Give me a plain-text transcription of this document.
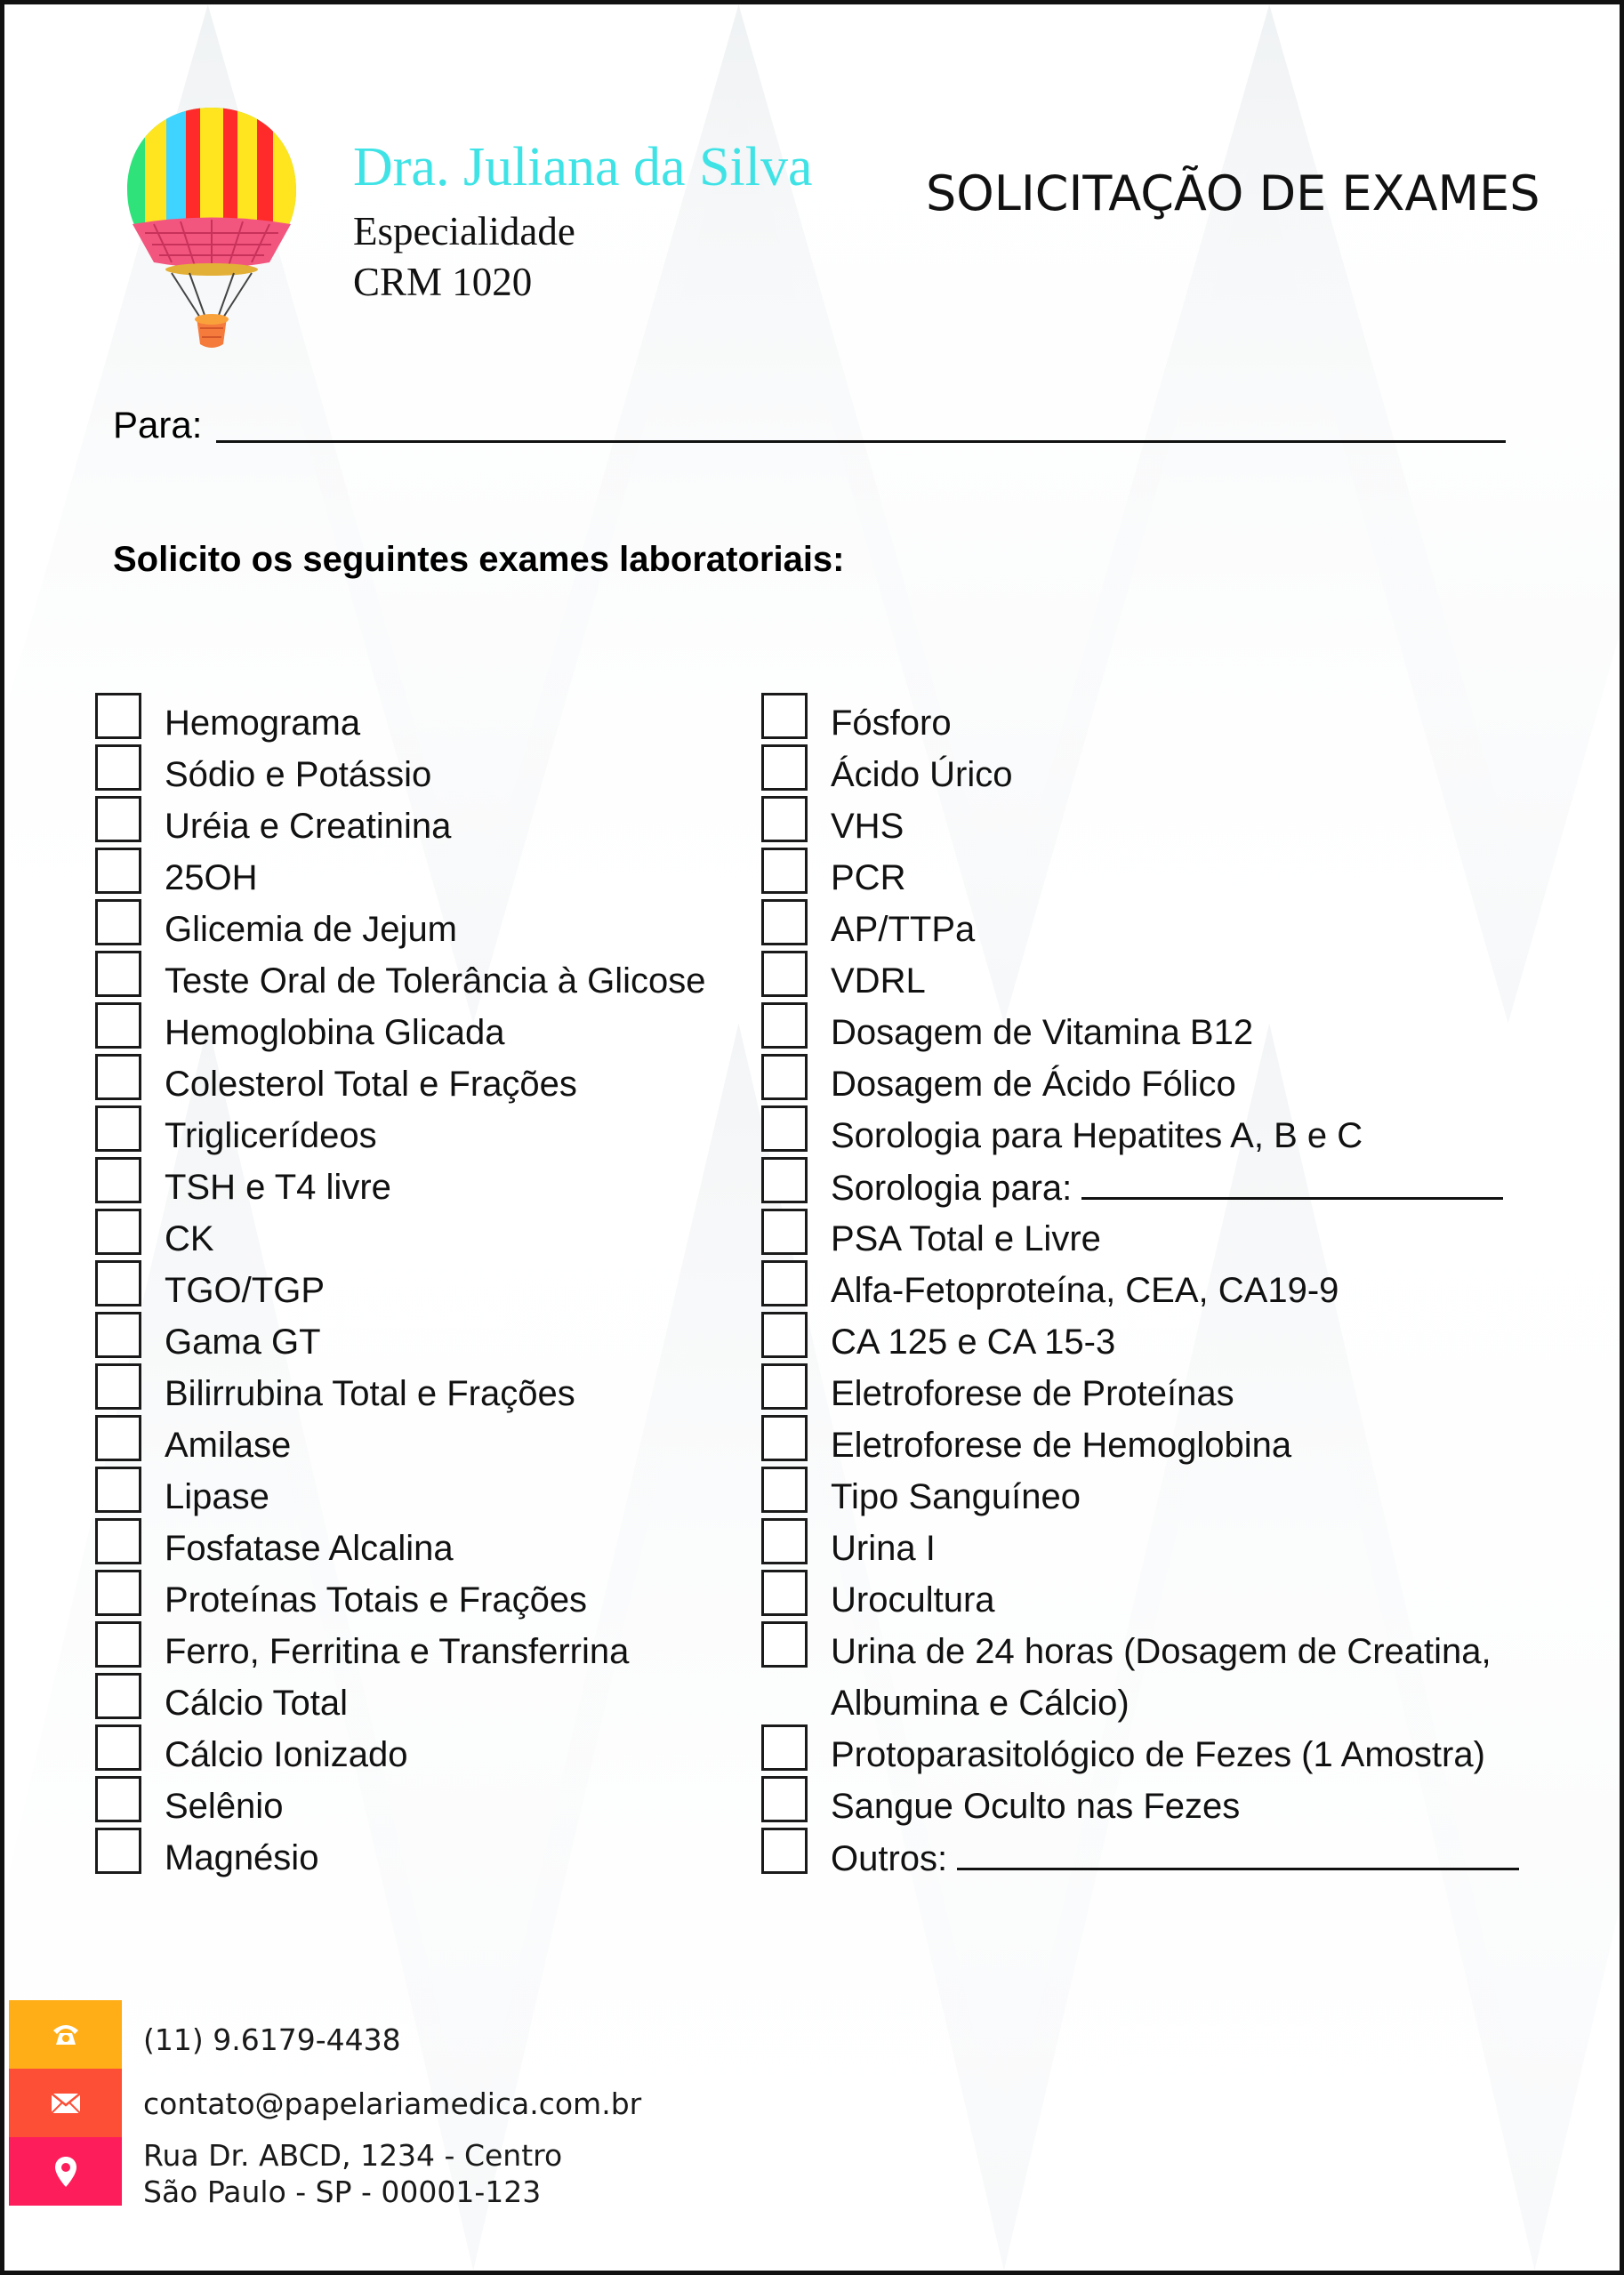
Dra. Juliana da Silva
Especialidade
CRM 1020
SOLICITAÇÃO DE EXAMES
Para:
Solicito os seguintes exames laboratoriais:
Hemograma
Sódio e Potássio
Uréia e Creatinina
25OH
Glicemia de Jejum
Teste Oral de Tolerância à Glicose
Hemoglobina Glicada
Colesterol Total e Frações
Triglicerídeos
TSH e T4 livre
CK
TGO/TGP
Gama GT
Bilirrubina Total e Frações
Amilase
Lipase
Fosfatase Alcalina
Proteínas Totais e Frações
Ferro, Ferritina e Transferrina
Cálcio Total
Cálcio Ionizado
Selênio
Magnésio
Fósforo
Ácido Úrico
VHS
PCR
AP/TTPa
VDRL
Dosagem de Vitamina B12
Dosagem de Ácido Fólico
Sorologia para Hepatites A, B e C
Sorologia para:
PSA Total e Livre
Alfa-Fetoproteína, CEA, CA19-9
CA 125 e CA 15-3
Eletroforese de Proteínas
Eletroforese de Hemoglobina
Tipo Sanguíneo
Urina I
Urocultura
Urina de 24 horas (Dosagem de Creatina,
Albumina e Cálcio)
Protoparasitológico de Fezes (1 Amostra)
Sangue Oculto nas Fezes
Outros:
(11) 9.6179-4438
contato@papelariamedica.com.br
Rua Dr. ABCD, 1234 - Centro
São Paulo - SP - 00001-123
